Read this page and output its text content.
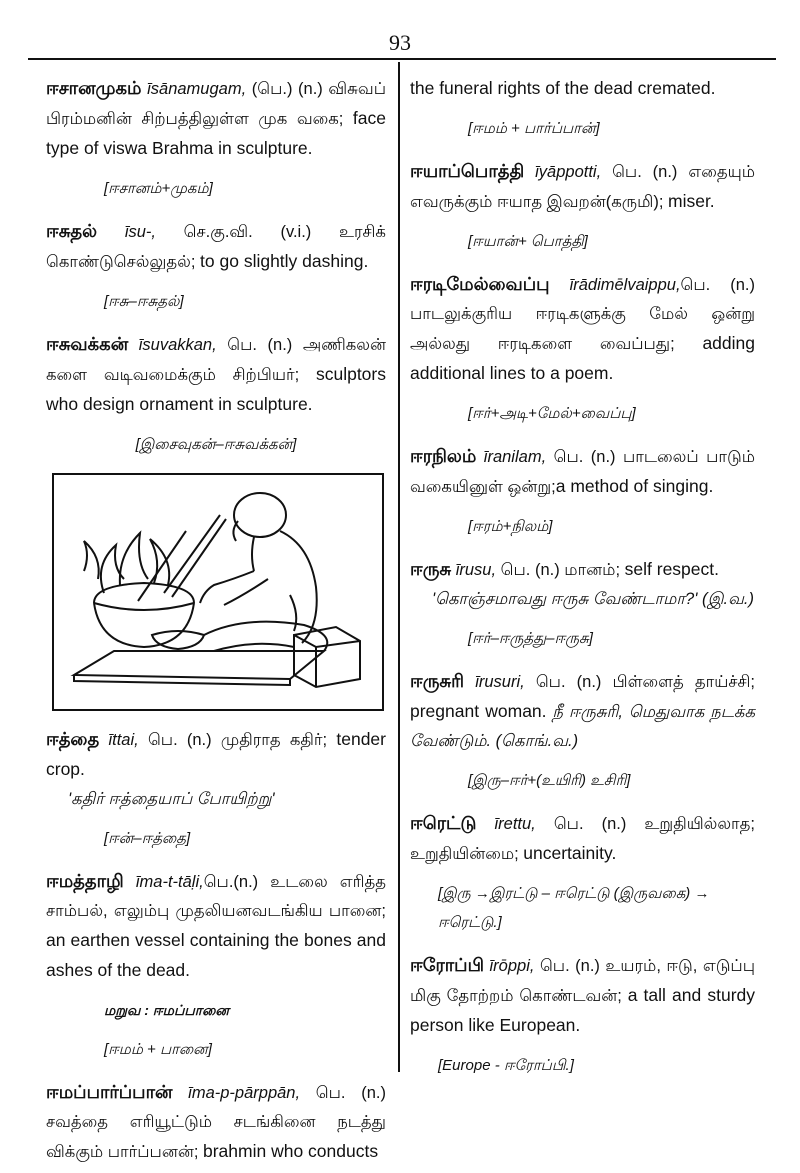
93

ஈசானமுகம் īsānamugam, (பெ.) (n.) விசுவப் பிரம்மனின் சிற்பத்திலுள்ள முக வகை; face type of viswa Brahma in sculpture.

[ஈசானம்+முகம்]

ஈசுதல் īsu-, செ.கு.வி. (v.i.) உரசிக் கொண்டுசெல்லுதல்; to go slightly dashing.

[ஈசு–ஈசுதல்]

ஈசுவக்கன் īsuvakkan, பெ. (n.) அணிகலன் களை வடிவமைக்கும் சிற்பியர்; sculptors who design ornament in sculpture.

[இசைவுகன்–ஈசுவக்கன்]

ஈத்தை īttai, பெ. (n.) முதிராத கதிர்; tender crop.
'கதிர் ஈத்தையாப் போயிற்று'

[ஈன்–ஈத்தை]

ஈமத்தாழி īma-t-tāḷi,பெ.(n.) உடலை எரித்த சாம்பல், எலும்பு முதலியனவடங்கிய பானை; an earthen vessel containing the bones and ashes of the dead.

மறுவ : ஈமப்பானை

[ஈமம் + பானை]

ஈமப்பார்ப்பான் īma-p-pārppān, பெ. (n.) சவத்தை எரியூட்டும் சடங்கினை நடத்து விக்கும் பார்ப்பனன்; brahmin who conducts

the funeral rights of the dead cremated.

[ஈமம் + பார்ப்பான்]

ஈயாப்பொத்தி īyāppotti, பெ. (n.) எதையும் எவருக்கும் ஈயாத இவறன்(கருமி); miser.

[ஈயான்+ பொத்தி]

ஈரடிமேல்வைப்பு īrādimēlvaippu,பெ. (n.) பாடலுக்குரிய ஈரடிகளுக்கு மேல் ஒன்று அல்லது ஈரடிகளை வைப்பது; adding additional lines to a poem.

[ஈர்+அடி+மேல்+வைப்பு]

ஈரநிலம் īranilam, பெ. (n.) பாடலைப் பாடும் வகையினுள் ஒன்று;a method of singing.

[ஈரம்+நிலம்]

ஈருசு īrusu, பெ. (n.) மானம்; self respect.
'கொஞ்சமாவது ஈருசு வேண்டாமா?' (இ.வ.)

[ஈர்–ஈருத்து–ஈருசு]

ஈருசுரி īrusuri, பெ. (n.) பிள்ளைத் தாய்ச்சி; pregnant woman. நீ ஈருசுரி, மெதுவாக நடக்க வேண்டும். (கொங்.வ.)

[இரு–ஈர்+(உயிரி) உசிரி]

ஈரெட்டு īrettu, பெ. (n.) உறுதியில்லாத; உறுதியின்மை; uncertainity.

[இரு →இரட்டு – ஈரெட்டு (இருவகை) → ஈரெட்டு.]

ஈரோப்பி īrōppi, பெ. (n.) உயரம், ஈடு, எடுப்பு மிகு தோற்றம் கொண்டவன்; a tall and sturdy person like European.

[Europe - ஈரோப்பி.]
